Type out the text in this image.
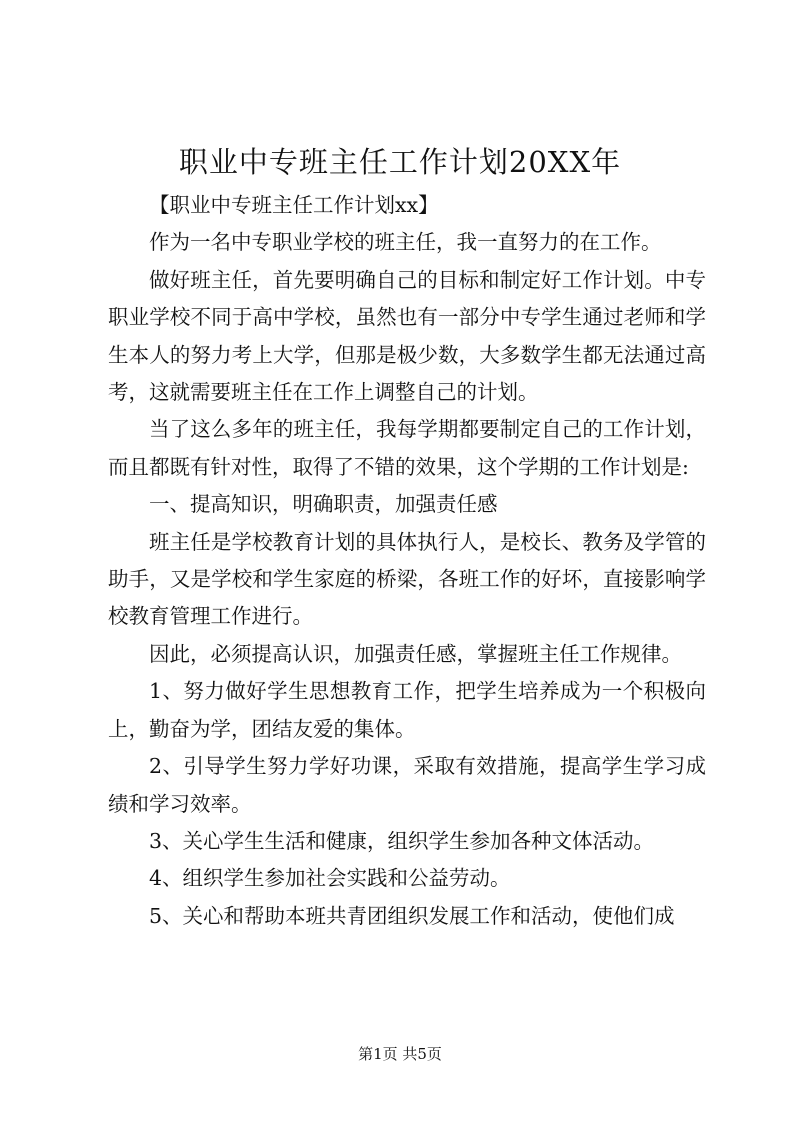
职业中专班主任工作计划20XX年

【职业中专班主任工作计划xx】

作为一名中专职业学校的班主任，我一直努力的在工作。

做好班主任，首先要明确自己的目标和制定好工作计划。中专职业学校不同于高中学校，虽然也有一部分中专学生通过老师和学生本人的努力考上大学，但那是极少数，大多数学生都无法通过高考，这就需要班主任在工作上调整自己的计划。

当了这么多年的班主任，我每学期都要制定自己的工作计划，而且都既有针对性，取得了不错的效果，这个学期的工作计划是:

一、提高知识，明确职责，加强责任感

班主任是学校教育计划的具体执行人，是校长、教务及学管的助手，又是学校和学生家庭的桥梁，各班工作的好坏，直接影响学校教育管理工作进行。

因此，必须提高认识，加强责任感，掌握班主任工作规律。

1、努力做好学生思想教育工作，把学生培养成为一个积极向上，勤奋为学，团结友爱的集体。

2、引导学生努力学好功课，采取有效措施，提高学生学习成绩和学习效率。

3、关心学生生活和健康，组织学生参加各种文体活动。

4、组织学生参加社会实践和公益劳动。

5、关心和帮助本班共青团组织发展工作和活动，使他们成

第1页 共5页
